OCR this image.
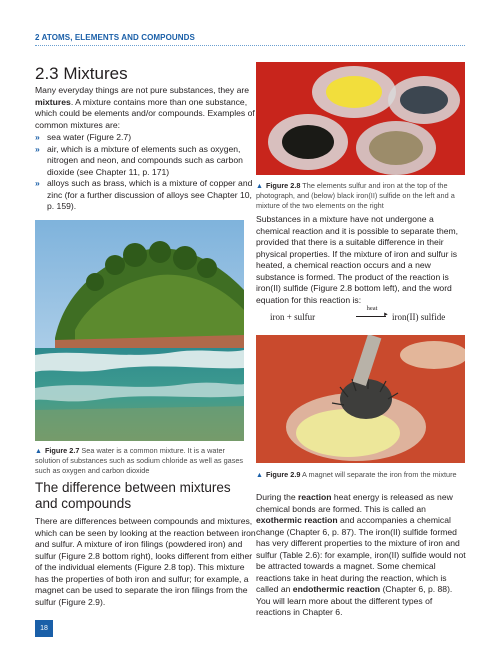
2 ATOMS, ELEMENTS AND COMPOUNDS
2.3 Mixtures
Many everyday things are not pure substances, they are mixtures. A mixture contains more than one substance, which could be elements and/or compounds. Examples of common mixtures are:
» sea water (Figure 2.7)
» air, which is a mixture of elements such as oxygen, nitrogen and neon, and compounds such as carbon dioxide (see Chapter 11, p. 171)
» alloys such as brass, which is a mixture of copper and zinc (for a further discussion of alloys see Chapter 10, p. 159).
▲ Figure 2.7 Sea water is a common mixture. It is a water solution of substances such as sodium chloride as well as gases such as oxygen and carbon dioxide
The difference between mixtures and compounds
There are differences between compounds and mixtures, which can be seen by looking at the reaction between iron and sulfur. A mixture of iron filings (powdered iron) and sulfur (Figure 2.8 bottom right), looks different from either of the individual elements (Figure 2.8 top). This mixture has the properties of both iron and sulfur; for example, a magnet can be used to separate the iron filings from the sulfur (Figure 2.9).
18
▲ Figure 2.8 The elements sulfur and iron at the top of the photograph, and (below) black iron(II) sulfide on the left and a mixture of the two elements on the right
Substances in a mixture have not undergone a chemical reaction and it is possible to separate them, provided that there is a suitable difference in their physical properties. If the mixture of iron and sulfur is heated, a chemical reaction occurs and a new substance is formed. The product of the reaction is iron(II) sulfide (Figure 2.8 bottom left), and the word equation for this reaction is:
iron + sulfur
heat
► iron(II) sulfide
▲ Figure 2.9 A magnet will separate the iron from the mixture
During the reaction heat energy is released as new chemical bonds are formed. This is called an exothermic reaction and accompanies a chemical change (Chapter 6, p. 87). The iron(II) sulfide formed has very different properties to the mixture of iron and sulfur (Table 2.6): for example, iron(II) sulfide would not be attracted towards a magnet. Some chemical reactions take in heat during the reaction, which is called an endothermic reaction (Chapter 6, p. 88). You will learn more about the different types of reactions in Chapter 6.
